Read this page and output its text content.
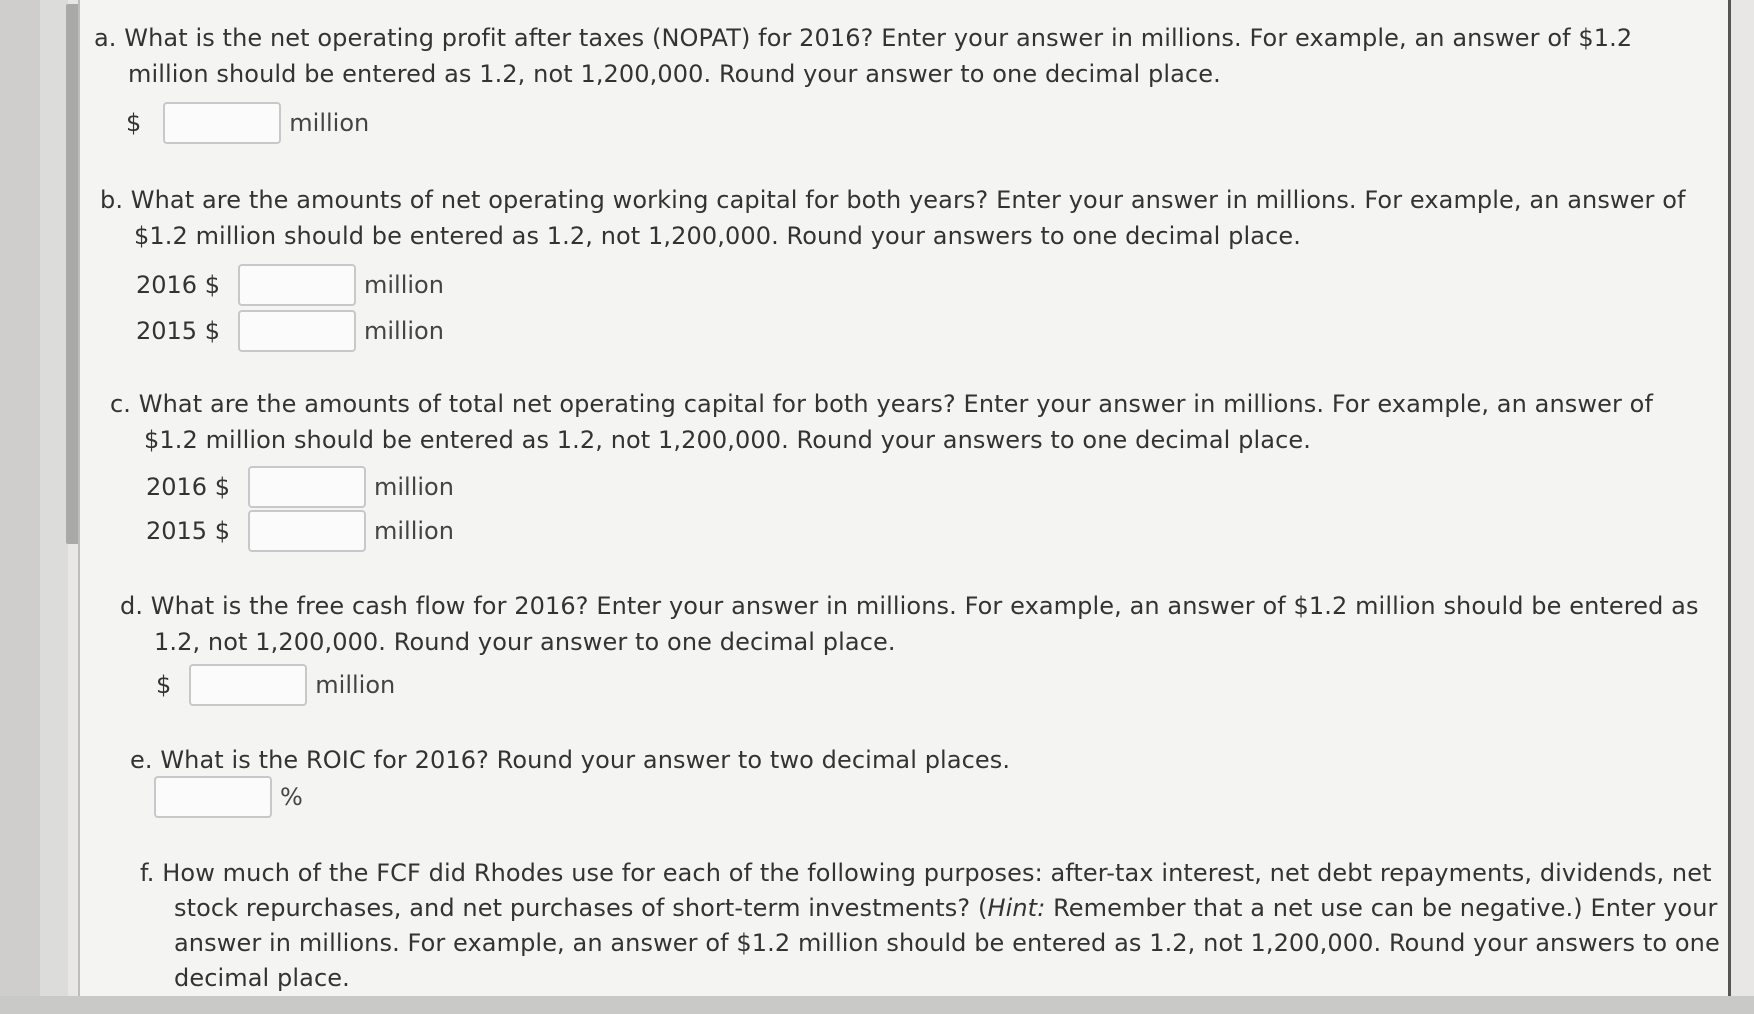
a. What is the net operating profit after taxes (NOPAT) for 2016? Enter your answer in millions. For example, an answer of $1.2
million should be entered as 1.2, not 1,200,000. Round your answer to one decimal place.
$	million
b. What are the amounts of net operating working capital for both years? Enter your answer in millions. For example, an answer of
$1.2 million should be entered as 1.2, not 1,200,000. Round your answers to one decimal place.
2016 $	million
2015 $	million
c. What are the amounts of total net operating capital for both years? Enter your answer in millions. For example, an answer of
$1.2 million should be entered as 1.2, not 1,200,000. Round your answers to one decimal place.
2016 $	million
2015 $	million
d. What is the free cash flow for 2016? Enter your answer in millions. For example, an answer of $1.2 million should be entered as
1.2, not 1,200,000. Round your answer to one decimal place.
$	million
e. What is the ROIC for 2016? Round your answer to two decimal places.
%
f. How much of the FCF did Rhodes use for each of the following purposes: after-tax interest, net debt repayments, dividends, net
stock repurchases, and net purchases of short-term investments? (Hint: Remember that a net use can be negative.) Enter your
answer in millions. For example, an answer of $1.2 million should be entered as 1.2, not 1,200,000. Round your answers to one
decimal place.
